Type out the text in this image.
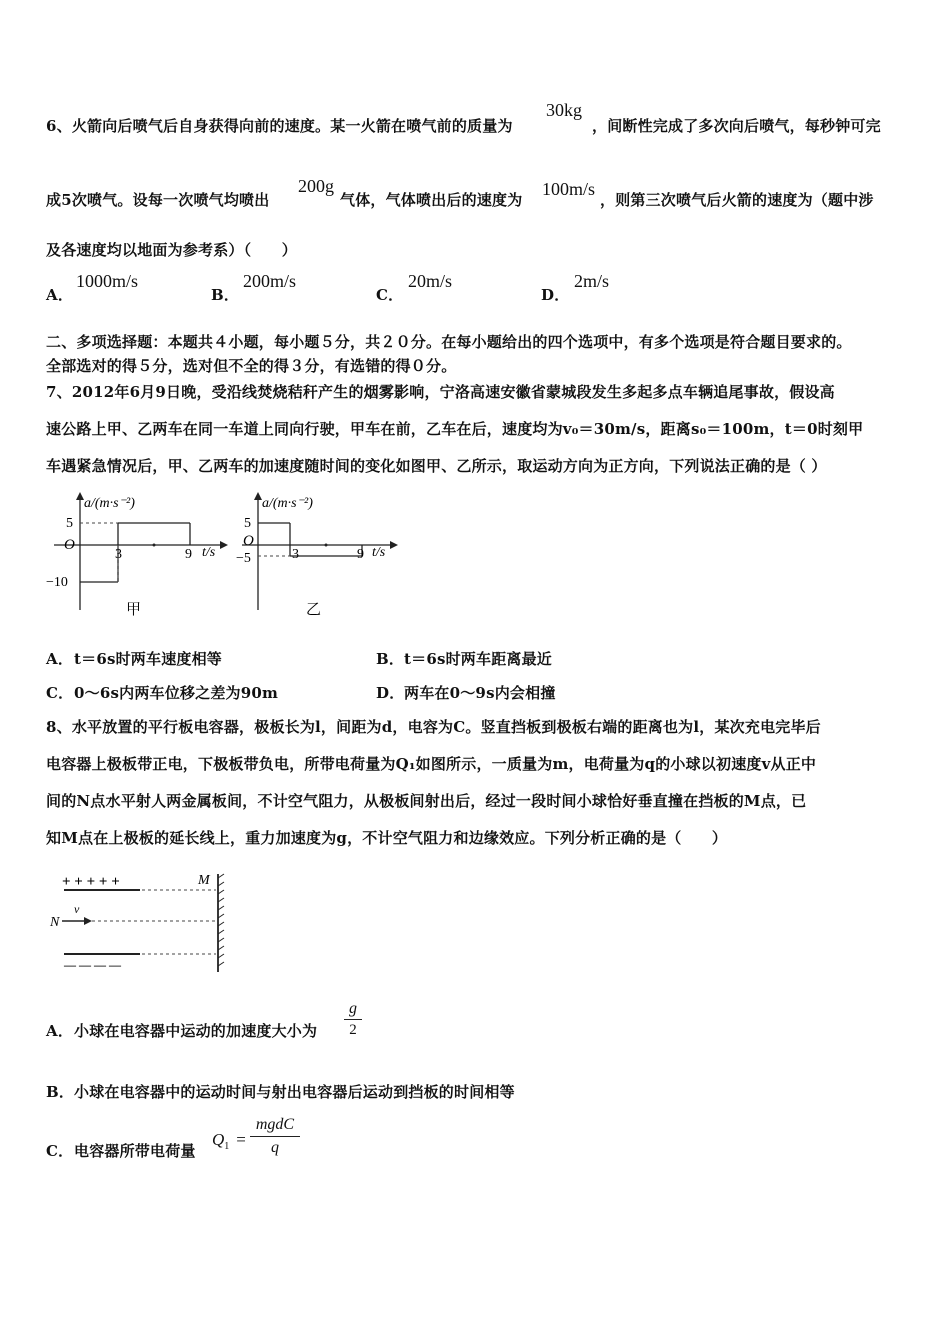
6、火箭向后喷气后自身获得向前的速度。某一火箭在喷气前的质量为
30kg
，间断性完成了多次向后喷气，每秒钟可完
成5次喷气。设每一次喷气均喷出
200g
气体，气体喷出后的速度为
100m/s
，则第三次喷气后火箭的速度为（题中涉
及各速度均以地面为参考系）（　　）
A．
1000m/s
B．
200m/s
C．
20m/s
D．
2m/s
二、多项选择题：本题共４小题，每小题５分，共２０分。在每小题给出的四个选项中，有多个选项是符合题目要求的。
全部选对的得５分，选对但不全的得３分，有选错的得０分。
7、2012年6月9日晚，受沿线焚烧秸秆产生的烟雾影响，宁洛高速安徽省蒙城段发生多起多点车辆追尾事故，假设高
速公路上甲、乙两车在同一车道上同向行驶，甲车在前，乙车在后，速度均为v₀＝30m/s，距离s₀＝100m，t＝0时刻甲
车遇紧急情况后，甲、乙两车的加速度随时间的变化如图甲、乙所示，取运动方向为正方向，下列说法正确的是（ ）
a/(m·s⁻²)
5
O
−10
3	9 t/s
甲
a/(m·s⁻²)
5
O
−5	3	9 t/s
乙
A． t＝6s时两车速度相等	B． t＝6s时两车距离最近
C． 0～6s内两车位移之差为90m	D． 两车在0～9s内会相撞
8、水平放置的平行板电容器，极板长为l，间距为d，电容为C。竖直挡板到极板右端的距离也为l，某次充电完毕后
电容器上极板带正电，下极板带负电，所带电荷量为Q₁如图所示，一质量为m，电荷量为q的小球以初速度v从正中
间的N点水平射人两金属板间，不计空气阻力，从极板间射出后，经过一段时间小球恰好垂直撞在挡板的M点，已
知M点在上极板的延长线上，重力加速度为g，不计空气阻力和边缘效应。下列分析正确的是（　　）
+ + + + +	M
N
v
— — — —
A． 小球在电容器中运动的加速度大小为
g
2
B． 小球在电容器中的运动时间与射出电容器后运动到挡板的时间相等
C． 电容器所带电荷量
$Q_1$ =
mgdC
q
